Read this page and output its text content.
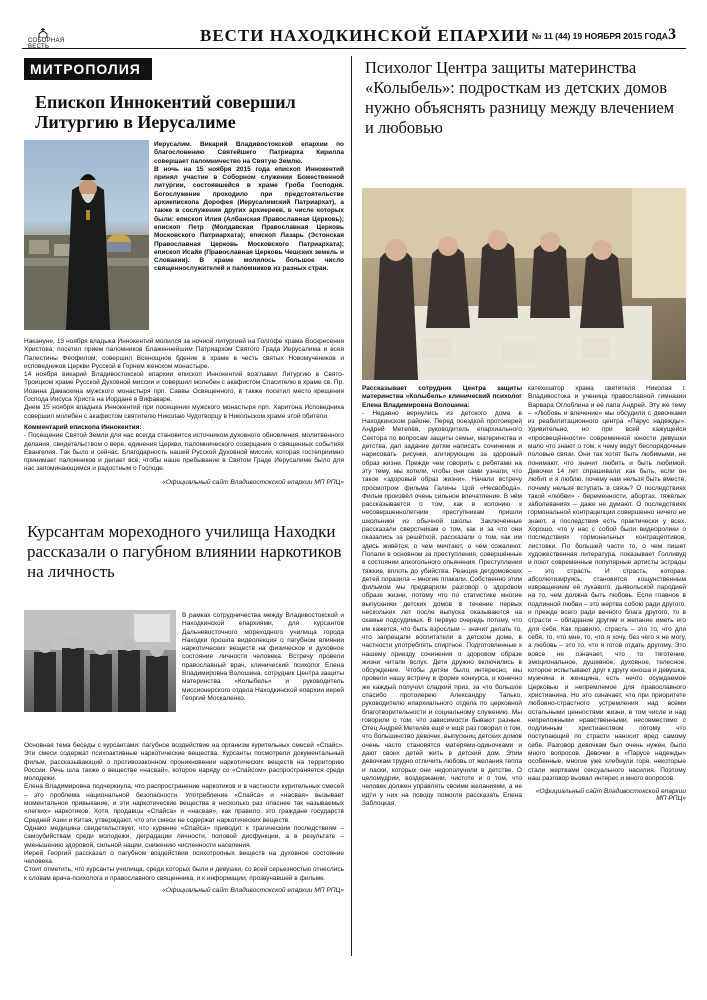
СОБОРНАЯ ВЕСТЬ
ВЕСТИ НАХОДКИНСКОЙ ЕПАРХИИ № 11 (44) 19 НОЯБРЯ 2015 ГОДА 3
МИТРОПОЛИЯ
Епископ Иннокентий совершил Литургию в Иерусалиме

Иерусалим. Викарий Владивостокской епархии по благословению Святейшего Патриарха Кирилла совершает паломничество на Святую Землю.

В ночь на 15 ноября 2015 года епископ Иннокентий принял участие в Соборном служении Божественной литургии, состоявшейся в храме Гроба Господня. Богослужение проходило при предстоятельстве архиепископа Дорофея (Иерусалимский Патриархат), а также в сослужении других архиереев, в числе которых были: епископ Илия (Албанская Православная Церковь); епископ Петр (Молдавская Православная Церковь Московского Патриархата); епископ Лазарь (Эстонская Православная Церковь Московского Патриархата); епископ Исайя (Православная Церковь Чешских земель и Словакии). В храме молилось большое число священнослужителей и паломников из разных стран.

Накануне, 13 ноября владыка Иннокентий молился за ночной литургией на Голгофе храма Воскресения Христова; посетил прием паломников Блаженнейшим Патриархом Святого Града Иерусалима и всея Палестины Феофилом; совершил Всенощное бдение в храме в честь святых Новомучеников и исповедников Церкви Русской в Горнем женском монастыре.

14 ноября викарий Владивостокской епархии епископ Иннокентий возглавил Литургию в Свято-Троицком храме Русской Духовной миссии и совершил молебен с акафистом Спасителю в храме св. Пр. Иоанна Дамаскина мужского монастыря прп. Саввы Освященного, в также посетил место крещения Господа Иисуса Христа на Иордане в Вифаваре.

Днем 15 ноября владыка Иннокентий при посещении мужского монастыря прп. Харитона Исповедника совершил молебен с акафистом святителю Николаю Чудотворцу в Никольском храме этой обители.

Комментарий епископа Иннокентия:

- Посещение Святой Земли для нас всегда становится источником духовного обновления, молитвенного делания, свидетельством о вере, единения Церкви, паломнического созерцания о священных событиях Евангелия. Так было и сейчас. Благодарность нашей Русской Духовной миссии, которая гостеприимно принимает паломников и делает всё, чтобы наше пребывание в Святом Граде Иерусалиме было для нас запоминающимся и радостным о Господе.

«Официальный сайт Владивостокской епархии МП РПЦ»

Курсантам мореходного училища Находки рассказали о пагубном влиянии наркотиков на личность

В рамках сотрудничества между Владивостокской и Находкинской епархиями, для курсантов Дальневосточного мореходного училища города Находки прошла видеолекция о пагубном влиянии наркотических веществ на физическое и духовное состояние личности человека. Встречу провели православный врач, клинический психолог Елена Владимировна Волошина, сотрудник Центра защиты материнства «Колыбель» и руководитель миссионерского отдела Находкинской епархии иерей Георгий Москаленко.

Основная тема беседы с курсантами: пагубное воздействие на организм курительных смесей «Спайс». Эти смеси содержат психоактивные наркотические вещества. Курсанты посмотрели документальный фильм, рассказывающий о противозаконном проникновении наркотических веществ на территорию России. Речь шла также о веществе «насвай», которое наряду со «Спайсом» распространяется среди молодежи.

Елена Владимировна подчеркнула, что распространение наркотиков и в частности курительных смесей – это проблема национальной безопасности. Употребление «Спайса» и «насвая» вызывает моментальное привыкание, и эти наркотические вещества в несколько раз опаснее так называемых «легких» наркотиков. Хотя, продавцы «Спайса» и «насвая», как правило, это граждане государств Средней Азии и Китая, утверждают, что эти смеси не содержат наркотических веществ.

Однако медицина свидетельствует, что курение «Спайса» приводит к трагическим последствиям – самоубийствам среди молодежи, деградации личности, половой дисфункции, а в результате – уменьшению здоровой, сильной нации, снижению численности населения.

Иерей Георгий рассказал о пагубном воздействии психотропных веществ на духовное состояние человека.

Стоит отметить, что курсанты училища, среди которых были и девушки, со всей серьезностью отнеслись к словам врача-психолога и православного священника, и к информации, прозвучавшей в фильме.

«Официальный сайт Владивостокской епархии МП РПЦ»

Психолог Центра защиты материнства «Колыбель»: подросткам из детских домов нужно объяснять разницу между влечением и любовью

Рассказывает сотрудник Центра защиты материнства «Колыбель» клинический психолог Елена Владимировна Волошина:

- Недавно вернулись из детского дома в Находкинском районе. Перед поездкой протоиерей Андрей Метелёв, руководитель епархиального Сектора по вопросам защиты семьи, материнства и детства, дал задание детям написать сочинение и нарисовать рисунки, агитирующие за здоровый образ жизни. Прежде чем говорить с ребятами на эту тему, мы хотели, чтобы они сами узнали, что такое «здоровый образ жизни». Начали встречу просмотром фильма Галины Цой «Несвобода». Фильм произвёл очень сильное впечатление. В нём рассказывается о том, как в колонию к несовершеннолетним преступникам пришли школьники из обычной школы. Заключённые рассказали сверстникам о том, как и за что они оказались за решёткой, рассказали о том, как им здесь живётся, о чем мечтают, о чём сожалеют. Попали в основном за преступления, совершённые в состоянии алкогольного опьянения. Преступления тяжкие, вплоть до убийства. Реакция детдомовских детей поразила – многие плакали. Собственно этим фильмом мы предварили разговор о здоровом образе жизни, потому что по статистике многие выпускники детских домов в течение первых нескольких лет после выпуска оказываются на скамье подсудимых. В первую очередь потому, что им кажется, что быть взрослым – значит делать то, что запрещали воспитатели в детском доме, в частности употреблять спиртное. Подготовленные к нашему приезду сочинения о здоровом образе жизни читали вслух. Дети дружно включились в обсуждение. Чтобы детям было интересно, мы провели нашу встречу в форме конкурса, и конечно же каждый получил сладкий приз, за что большое спасибо протоиерею Александру Талько, руководителю епархиального отдела по церковной благотворительности и социальному служению. Мы говорили о том, что зависимости бывают разные. Отец Андрей Метелёв ещё и ещё раз говорил о том, что большинство девочек, выпускниц детских домов очень часто становятся матерями-одиночками и дают своих детей жить в детский дом. Этим девочкам трудно отличить любовь от желания тепла и ласки, которых они недополучили в детстве. О целомудрии, воздержании, чистоте и о том, что человек должен управлять своими желаниями, а не идти у них на поводу помогли рассказать Елена Заблоцкая,

катехизатор храма святителя Николая г. Владивостока и ученица православной гимназии Варвара Оглоблина и её папа Андрей. Эту же тему – «Любовь и влечение» мы обсудили с девочками из реабилитационного центра «Парус надежды». Удивительно, но при всей кажущейся «просвещённости» современной юности девушки мало что знают о том, к чему ведут беспорядочные половые связи. Они так хотят быть любимыми, не понимают, что значит любить и быть любимой. Девочки 14 лет спрашивали: как быть, если он любит и я люблю, почему нам нельзя быть вместе, почему нельзя вступать в связь? О последствиях такой «любви» - беременности, абортах, тяжёлых заболеваниях – даже не думают. О последствиях гормональной контрацепции совершенно ничего не знают, а последствия есть практически у всех. Хорошо, что у нас с собой были видеоролики о последствиях гормональных контрацептивов, листовки. По большей части то, о чем пишет художественная литература, показывает Голливуд и поют современные популярные артисты эстрады – это страсть. И страсть, которая, абсолютизируясь, становится кощунственным извращением её лукавого, дьявольской пародией на то, чем должна быть любовь. Если главное в подлинной любви – это жертва собою ради другого, и прежде всего ради вечного блага другого, то в страсти – обладание другим и желание иметь его для себя. Как правило, страсть – это то, что для себя, то, что мне, то, что я хочу, без чего я не могу, а любовь – это то, что я готов отдать другому. Это вовсе не означает, что то тяготение, эмоциональное, душевное, духовное, телесное, которое испытывают друг к другу юноша и девушка, мужчина и женщина, есть нечто осуждаемое Церковью и непремлемое для православного христианина. Но это означает, что при приоритете любовно-страстного устремления над всеми остальными ценностями жизни, в том числе и над непреложными нравственными, несовместимо с подлинным христианством потому что поступающий по страсти наносит вред самому себе. Разговор девочкам был очень нужен, было много вопросов. Девочки в «Парусе надежды» особенные, многие уже хлебнули горя, некоторые стали жертвами сексуального насилия. Поэтому наш разговор вызвал интерес и много вопросов.

«Официальный сайт Владивостокской епархии МП РПЦ»
